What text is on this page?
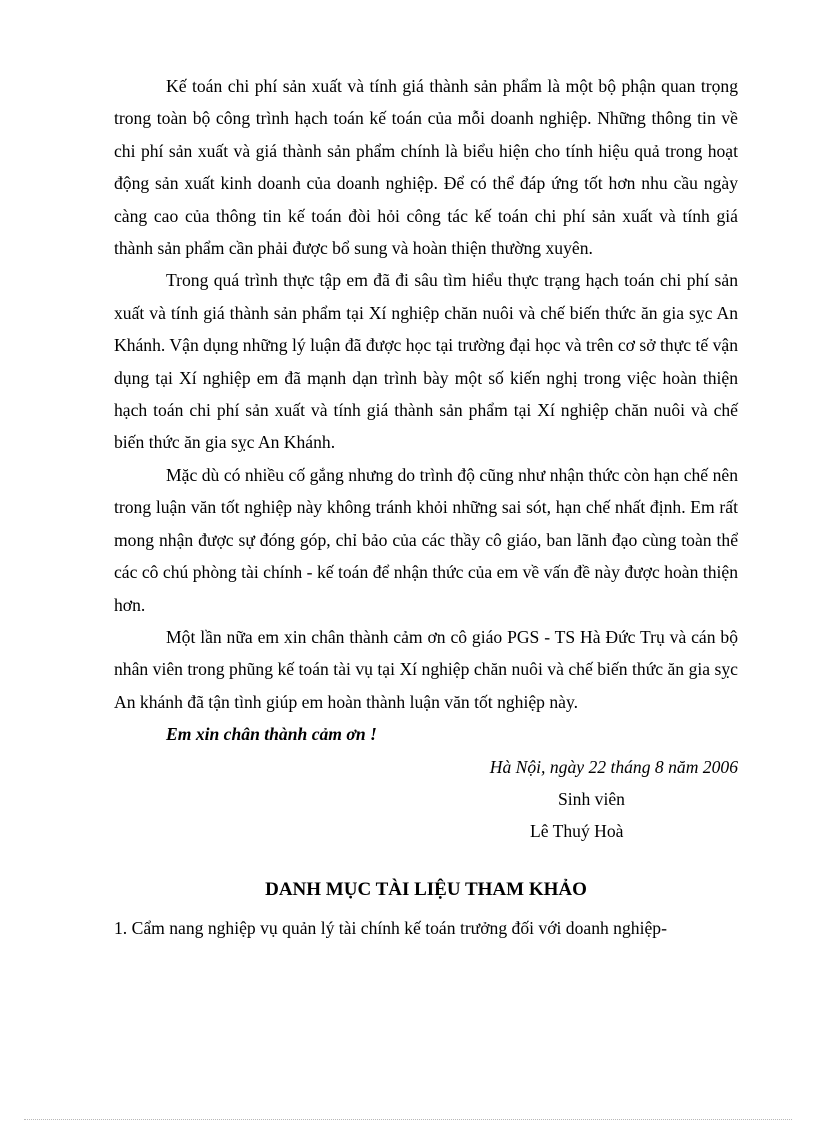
Kế toán chi phí sản xuất và tính giá thành sản phẩm là một bộ phận quan trọng trong toàn bộ công trình hạch toán kế toán của mỗi doanh nghiệp. Những thông tin về chi phí sản xuất và giá thành sản phẩm chính là biểu hiện cho tính hiệu quả trong hoạt động sản xuất kinh doanh của doanh nghiệp. Để có thể đáp ứng tốt hơn nhu cầu ngày càng cao của thông tin kế toán đòi hỏi công tác kế toán chi phí sản xuất và tính giá thành sản phẩm cần phải được bổ sung và hoàn thiện thường xuyên.

Trong quá trình thực tập em đã đi sâu tìm hiểu thực trạng hạch toán chi phí sản xuất và tính giá thành sản phẩm tại Xí nghiệp chăn nuôi và chế biến thức ăn gia sỵc An Khánh. Vận dụng những lý luận đã được học tại trường đại học và trên cơ sở thực tế vận dụng tại Xí nghiệp em đã mạnh dạn trình bày một số kiến nghị trong việc hoàn thiện hạch toán chi phí sản xuất và tính giá thành sản phẩm tại Xí nghiệp chăn nuôi và chế biến thức ăn gia sỵc An Khánh.

Mặc dù có nhiều cố gắng nhưng do trình độ cũng như nhận thức còn hạn chế nên trong luận văn tốt nghiệp này không tránh khỏi những sai sót, hạn chế nhất định. Em rất mong nhận được sự đóng góp, chỉ bảo của các thầy cô giáo, ban lãnh đạo cùng toàn thể các cô chú phòng tài chính - kế toán để nhận thức của em về vấn đề này được hoàn thiện hơn.

Một lần nữa em xin chân thành cảm ơn cô giáo PGS - TS Hà Đức Trụ và cán bộ nhân viên trong phũng kế toán tài vụ tại Xí nghiệp chăn nuôi và chế biến thức ăn gia sỵc An khánh đã tận tình giúp em hoàn thành luận văn tốt nghiệp này.

Em xin chân thành cảm ơn !

Hà Nội, ngày 22 tháng 8 năm 2006

Sinh viên

Lê Thuý Hoà

DANH MỤC TÀI LIỆU THAM KHẢO

1. Cẩm nang nghiệp vụ quản lý tài chính kế toán trưởng đối với doanh nghiệp-
